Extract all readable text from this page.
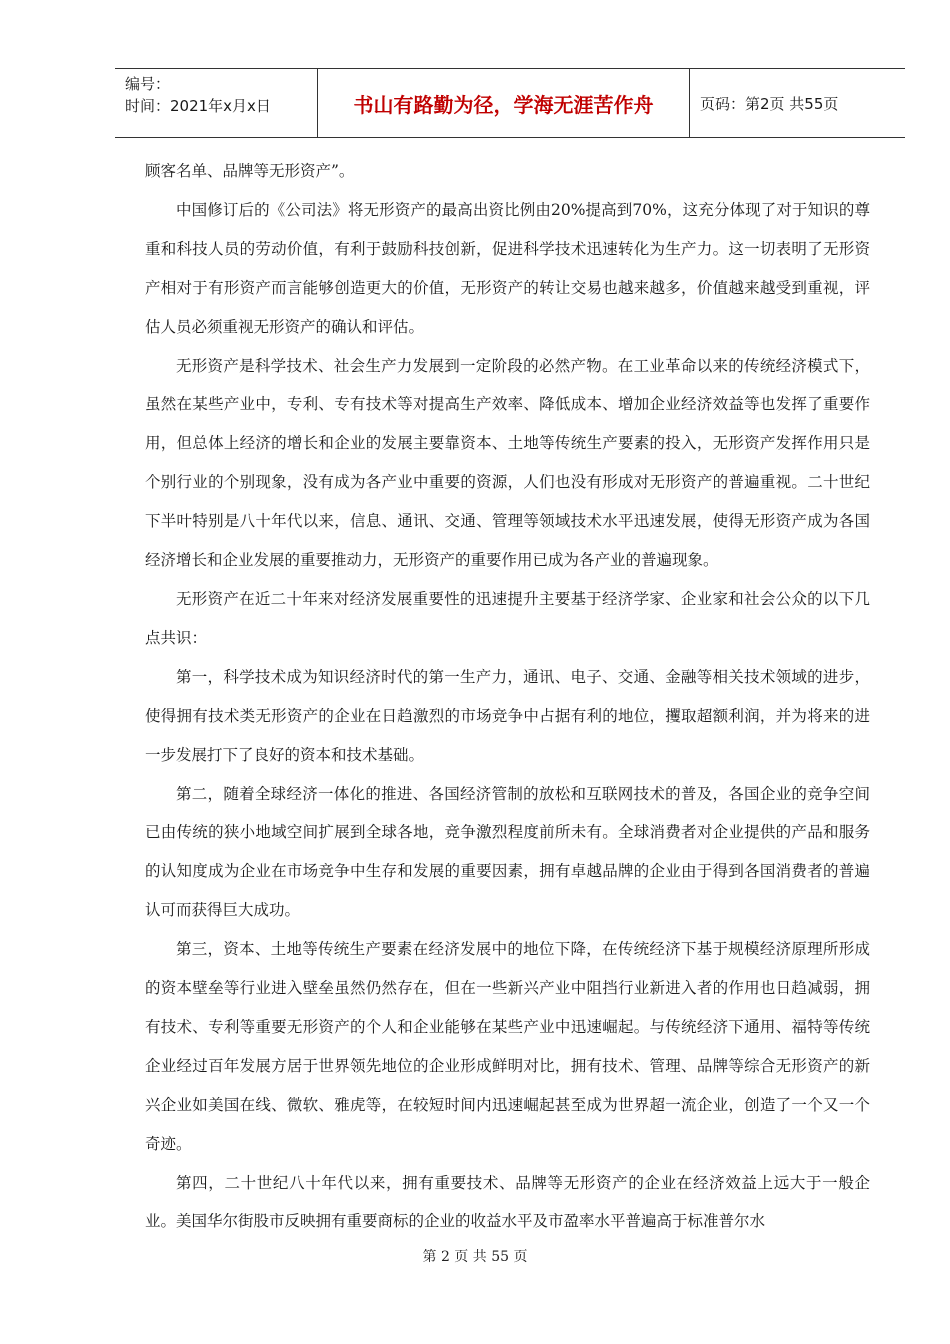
编号：
时间：2021年x月x日	书山有路勤为径，学海无涯苦作舟	页码：第2页 共55页

顾客名单、品牌等无形资产”。

中国修订后的《公司法》将无形资产的最高出资比例由20%提高到70%，这充分体现了对于知识的尊重和科技人员的劳动价值，有利于鼓励科技创新，促进科学技术迅速转化为生产力。这一切表明了无形资产相对于有形资产而言能够创造更大的价值，无形资产的转让交易也越来越多，价值越来越受到重视，评估人员必须重视无形资产的确认和评估。

无形资产是科学技术、社会生产力发展到一定阶段的必然产物。在工业革命以来的传统经济模式下，虽然在某些产业中，专利、专有技术等对提高生产效率、降低成本、增加企业经济效益等也发挥了重要作用，但总体上经济的增长和企业的发展主要靠资本、土地等传统生产要素的投入，无形资产发挥作用只是个别行业的个别现象，没有成为各产业中重要的资源，人们也没有形成对无形资产的普遍重视。二十世纪下半叶特别是八十年代以来，信息、通讯、交通、管理等领域技术水平迅速发展，使得无形资产成为各国经济增长和企业发展的重要推动力，无形资产的重要作用已成为各产业的普遍现象。

无形资产在近二十年来对经济发展重要性的迅速提升主要基于经济学家、企业家和社会公众的以下几点共识：

第一，科学技术成为知识经济时代的第一生产力，通讯、电子、交通、金融等相关技术领域的进步，使得拥有技术类无形资产的企业在日趋激烈的市场竞争中占据有利的地位，攫取超额利润，并为将来的进一步发展打下了良好的资本和技术基础。

第二，随着全球经济一体化的推进、各国经济管制的放松和互联网技术的普及，各国企业的竞争空间已由传统的狭小地域空间扩展到全球各地，竞争激烈程度前所未有。全球消费者对企业提供的产品和服务的认知度成为企业在市场竞争中生存和发展的重要因素，拥有卓越品牌的企业由于得到各国消费者的普遍认可而获得巨大成功。

第三，资本、土地等传统生产要素在经济发展中的地位下降，在传统经济下基于规模经济原理所形成的资本壁垒等行业进入壁垒虽然仍然存在，但在一些新兴产业中阻挡行业新进入者的作用也日趋减弱，拥有技术、专利等重要无形资产的个人和企业能够在某些产业中迅速崛起。与传统经济下通用、福特等传统企业经过百年发展方居于世界领先地位的企业形成鲜明对比，拥有技术、管理、品牌等综合无形资产的新兴企业如美国在线、微软、雅虎等，在较短时间内迅速崛起甚至成为世界超一流企业，创造了一个又一个奇迹。

第四，二十世纪八十年代以来，拥有重要技术、品牌等无形资产的企业在经济效益上远大于一般企业。美国华尔街股市反映拥有重要商标的企业的收益水平及市盈率水平普遍高于标准普尔水

第 2 页 共 55 页
